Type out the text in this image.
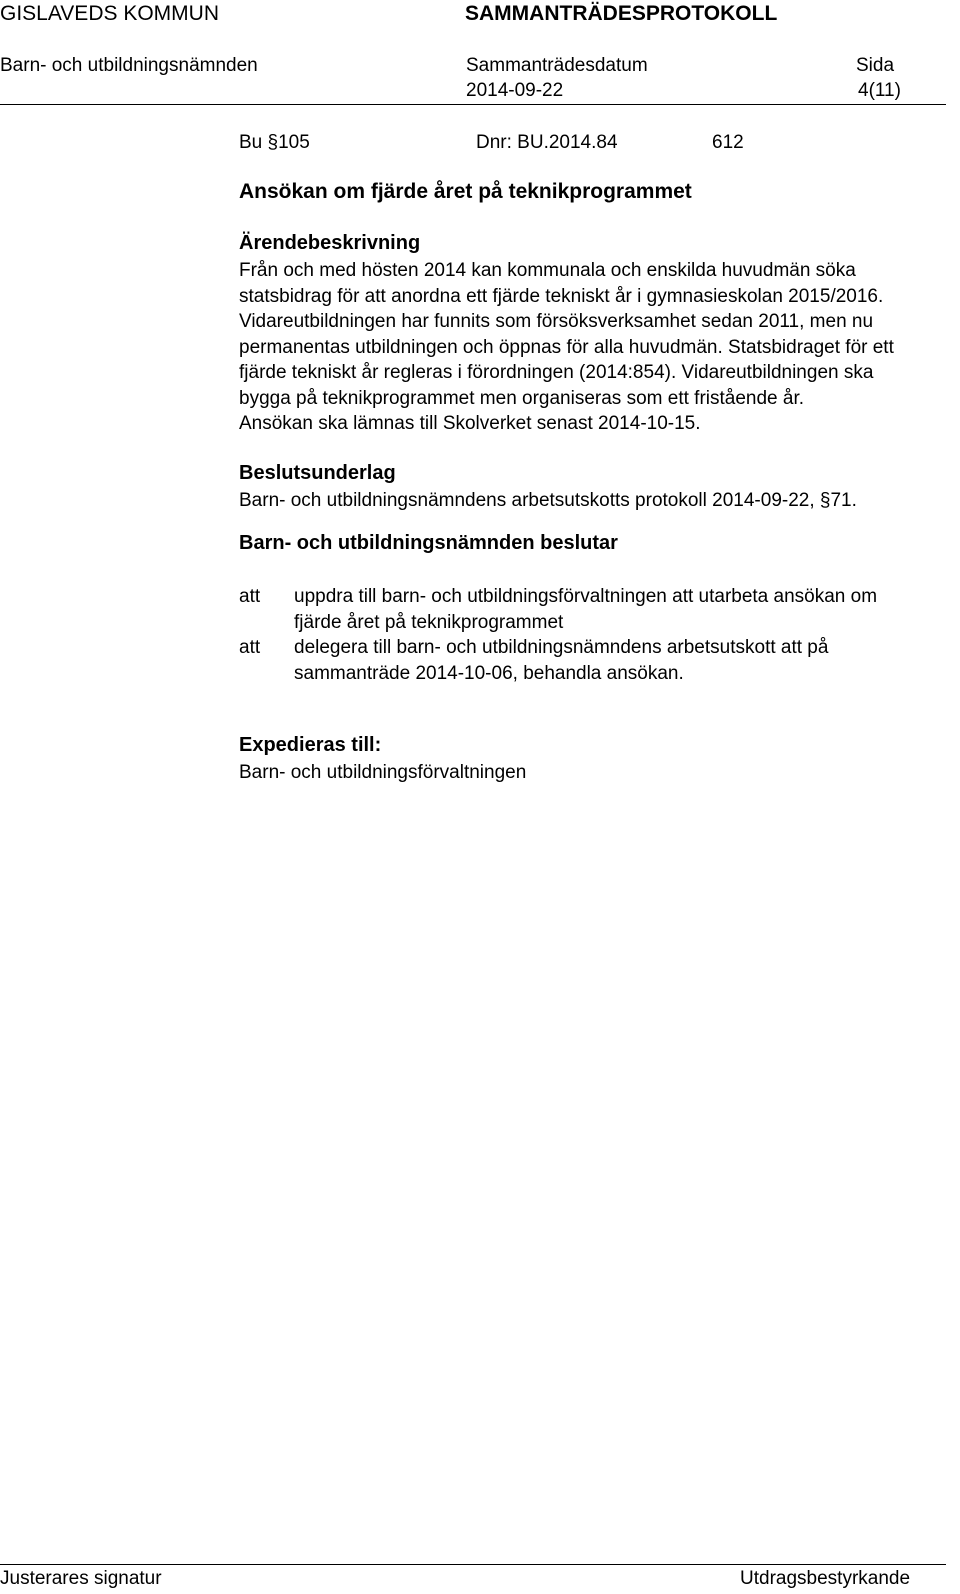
GISLAVEDS KOMMUN	SAMMANTRÄDESPROTOKOLL
Barn- och utbildningsnämnden	Sammanträdesdatum	Sida
2014-09-22	4(11)
Bu §105	Dnr: BU.2014.84	612
Ansökan om fjärde året på teknikprogrammet
Ärendebeskrivning
Från och med hösten 2014 kan kommunala och enskilda huvudmän söka
statsbidrag för att anordna ett fjärde tekniskt år i gymnasieskolan 2015/2016.
Vidareutbildningen har funnits som försöksverksamhet sedan 2011, men nu
permanentas utbildningen och öppnas för alla huvudmän. Statsbidraget för ett
fjärde tekniskt år regleras i förordningen (2014:854). Vidareutbildningen ska
bygga på teknikprogrammet men organiseras som ett fristående år.
Ansökan ska lämnas till Skolverket senast 2014-10-15.
Beslutsunderlag
Barn- och utbildningsnämndens arbetsutskotts protokoll 2014-09-22, §71.
Barn- och utbildningsnämnden beslutar
att uppdra till barn- och utbildningsförvaltningen att utarbeta ansökan om
fjärde året på teknikprogrammet
att delegera till barn- och utbildningsnämndens arbetsutskott att på
sammanträde 2014-10-06, behandla ansökan.
Expedieras till:
Barn- och utbildningsförvaltningen
Justerares signatur	Utdragsbestyrkande
